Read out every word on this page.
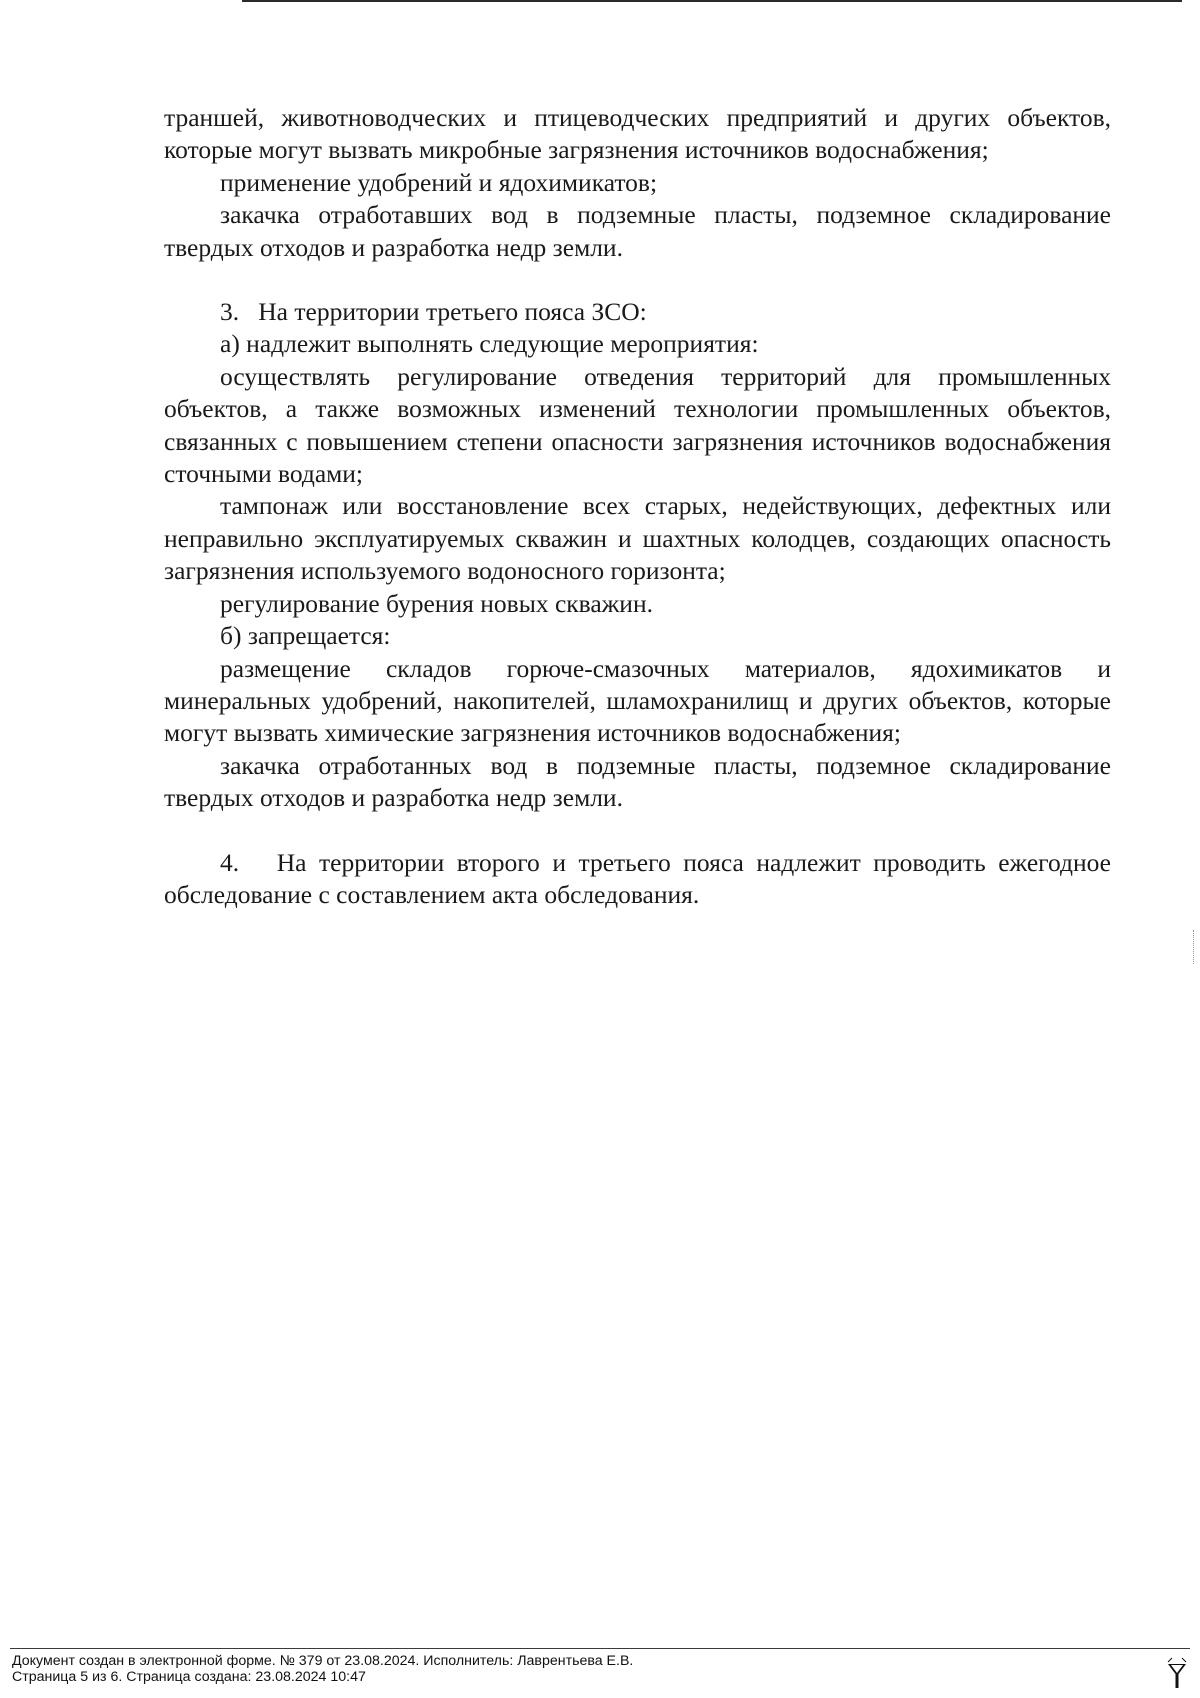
траншей, животноводческих и птицеводческих предприятий и других объектов, которые могут вызвать микробные загрязнения источников водоснабжения;

применение удобрений и ядохимикатов;

закачка отработавших вод в подземные пласты, подземное складирование твердых отходов и разработка недр земли.

3.   На территории третьего пояса ЗСО:

а) надлежит выполнять следующие мероприятия:

осуществлять регулирование отведения территорий для промышленных объектов, а также возможных изменений технологии промышленных объектов, связанных с повышением степени опасности загрязнения источников водоснабжения сточными водами;

тампонаж или восстановление всех старых, недействующих, дефектных или неправильно эксплуатируемых скважин и шахтных колодцев, создающих опасность загрязнения используемого водоносного горизонта;

регулирование бурения новых скважин.

б) запрещается:

размещение складов горюче-смазочных материалов, ядохимикатов и минеральных удобрений, накопителей, шламохранилищ и других объектов, которые могут вызвать химические загрязнения источников водоснабжения;

закачка отработанных вод в подземные пласты, подземное складирование твердых отходов и разработка недр земли.

4.   На территории второго и третьего пояса надлежит проводить ежегодное обследование с составлением акта обследования.

Документ создан в электронной форме. № 379 от 23.08.2024. Исполнитель: Лаврентьева Е.В.
Страница 5 из 6. Страница создана: 23.08.2024 10:47
